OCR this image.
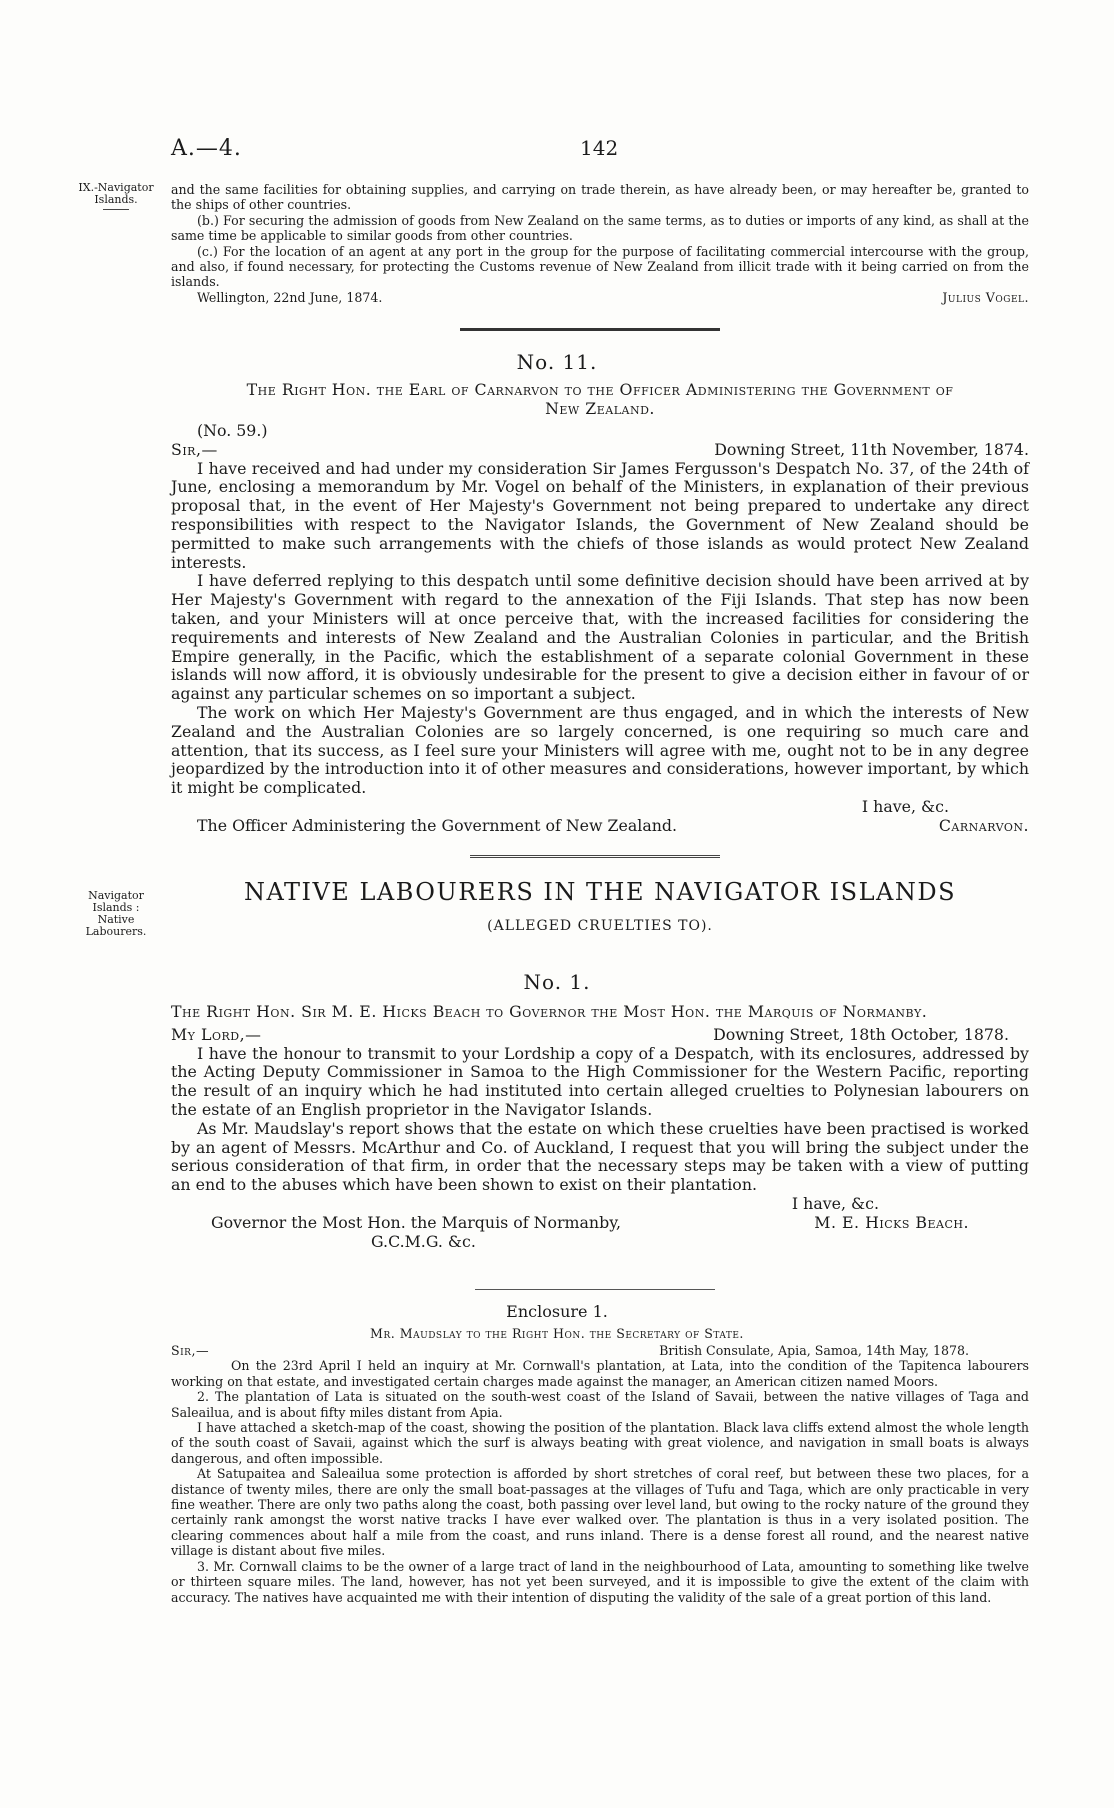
A.—4.	142
IX.-Navigator
Islands.

and the same facilities for obtaining supplies, and carrying on trade therein, as have already been, or may hereafter be, granted to the ships of other countries.

(b.) For securing the admission of goods from New Zealand on the same terms, as to duties or imports of any kind, as shall at the same time be applicable to similar goods from other countries.

(c.) For the location of an agent at any port in the group for the purpose of facilitating commercial intercourse with the group, and also, if found necessary, for protecting the Customs revenue of New Zealand from illicit trade with it being carried on from the islands.

Wellington, 22nd June, 1874.	Julius Vogel.
No. 11.
The Right Hon. the Earl of Carnarvon to the Officer Administering the Government of
New Zealand.
(No. 59.)
Sir,—	Downing Street, 11th November, 1874.

I have received and had under my consideration Sir James Fergusson's Despatch No. 37, of the 24th of June, enclosing a memorandum by Mr. Vogel on behalf of the Ministers, in explanation of their previous proposal that, in the event of Her Majesty's Government not being prepared to undertake any direct responsibilities with respect to the Navigator Islands, the Government of New Zealand should be permitted to make such arrangements with the chiefs of those islands as would protect New Zealand interests.

I have deferred replying to this despatch until some definitive decision should have been arrived at by Her Majesty's Government with regard to the annexation of the Fiji Islands. That step has now been taken, and your Ministers will at once perceive that, with the increased facilities for considering the requirements and interests of New Zealand and the Australian Colonies in particular, and the British Empire generally, in the Pacific, which the establishment of a separate colonial Government in these islands will now afford, it is obviously undesirable for the present to give a decision either in favour of or against any particular schemes on so important a subject.

The work on which Her Majesty's Government are thus engaged, and in which the interests of New Zealand and the Australian Colonies are so largely concerned, is one requiring so much care and attention, that its success, as I feel sure your Ministers will agree with me, ought not to be in any degree jeopardized by the introduction into it of other measures and considerations, however important, by which it might be complicated.

I have, &c.
The Officer Administering the Government of New Zealand.	Carnarvon.
Navigator
Islands :
Native
Labourers.
NATIVE LABOURERS IN THE NAVIGATOR ISLANDS
(ALLEGED CRUELTIES TO).
No. 1.
The Right Hon. Sir M. E. Hicks Beach to Governor the Most Hon. the Marquis of Normanby.
My Lord,—	Downing Street, 18th October, 1878.

I have the honour to transmit to your Lordship a copy of a Despatch, with its enclosures, addressed by the Acting Deputy Commissioner in Samoa to the High Commissioner for the Western Pacific, reporting the result of an inquiry which he had instituted into certain alleged cruelties to Polynesian labourers on the estate of an English proprietor in the Navigator Islands.

As Mr. Maudslay's report shows that the estate on which these cruelties have been practised is worked by an agent of Messrs. McArthur and Co. of Auckland, I request that you will bring the subject under the serious consideration of that firm, in order that the necessary steps may be taken with a view of putting an end to the abuses which have been shown to exist on their plantation.

I have, &c.
Governor the Most Hon. the Marquis of Normanby,	M. E. Hicks Beach.
G.C.M.G. &c.
Enclosure 1.
Mr. Maudslay to the Right Hon. the Secretary of State.
Sir,—	British Consulate, Apia, Samoa, 14th May, 1878.

On the 23rd April I held an inquiry at Mr. Cornwall's plantation, at Lata, into the condition of the Tapitenca labourers working on that estate, and investigated certain charges made against the manager, an American citizen named Moors.

2. The plantation of Lata is situated on the south-west coast of the Island of Savaii, between the native villages of Taga and Saleailua, and is about fifty miles distant from Apia.

I have attached a sketch-map of the coast, showing the position of the plantation. Black lava cliffs extend almost the whole length of the south coast of Savaii, against which the surf is always beating with great violence, and navigation in small boats is always dangerous, and often impossible.

At Satupaitea and Saleailua some protection is afforded by short stretches of coral reef, but between these two places, for a distance of twenty miles, there are only the small boat-passages at the villages of Tufu and Taga, which are only practicable in very fine weather. There are only two paths along the coast, both passing over level land, but owing to the rocky nature of the ground they certainly rank amongst the worst native tracks I have ever walked over. The plantation is thus in a very isolated position. The clearing commences about half a mile from the coast, and runs inland. There is a dense forest all round, and the nearest native village is distant about five miles.

3. Mr. Cornwall claims to be the owner of a large tract of land in the neighbourhood of Lata, amounting to something like twelve or thirteen square miles. The land, however, has not yet been surveyed, and it is impossible to give the extent of the claim with accuracy. The natives have acquainted me with their intention of disputing the validity of the sale of a great portion of this land.
